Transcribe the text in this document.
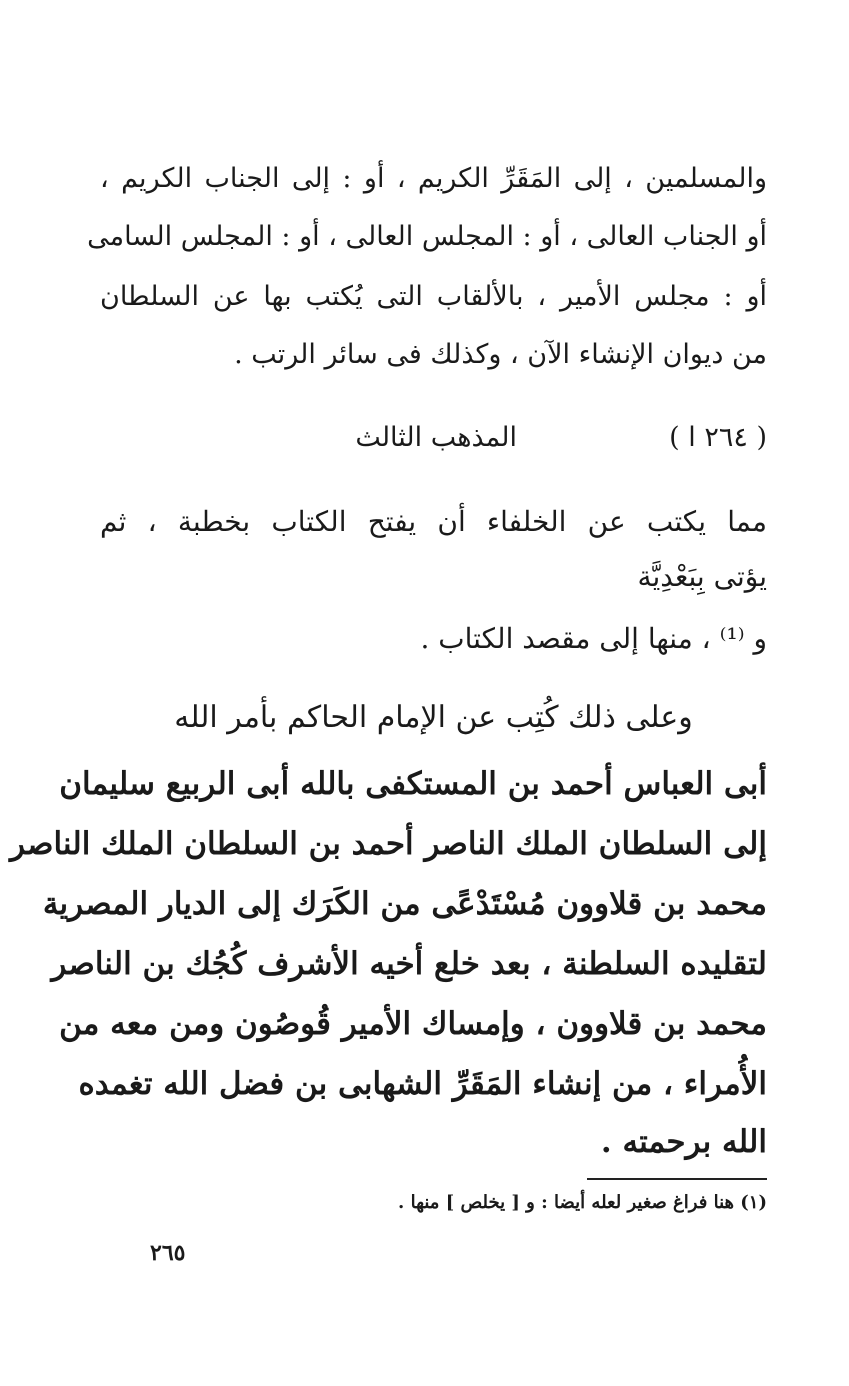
والمسلمين ، إلى المَقَرِّ الكريم ، أو : إلى الجناب الكريم ،
أو الجناب العالى ، أو : المجلس العالى ، أو : المجلس السامى
أو : مجلس الأمير ، بالألقاب التى يُكتب بها عن السلطان
من ديوان الإنشاء الآن ، وكذلك فى سائر الرتب .
( ٢٦٤ ا )
المذهب الثالث
مما يكتب عن الخلفاء أن يفتح الكتاب بخطبة ، ثم
يؤتى بِبَعْدِيَّة
و ⁽¹⁾ ، منها إلى مقصد الكتاب .
وعلى ذلك كُتِب عن الإمام الحاكم بأمر الله
أبى العباس أحمد بن المستكفى بالله أبى الربيع سليمان
إلى السلطان الملك الناصر أحمد بن السلطان الملك الناصر
محمد بن قلاوون مُسْتَدْعًى من الكَرَك إلى الديار المصرية
لتقليده السلطنة ، بعد خلع أخيه الأشرف كُجُك بن الناصر
محمد بن قلاوون ، وإمساك الأمير قُوصُون ومن معه من
الأُمراء ، من إنشاء المَقَرِّ الشهابى بن فضل الله تغمده
الله برحمته .
(١) هنا فراغ صغير لعله أيضا : و [ يخلص ] منها .
٢٦٥
